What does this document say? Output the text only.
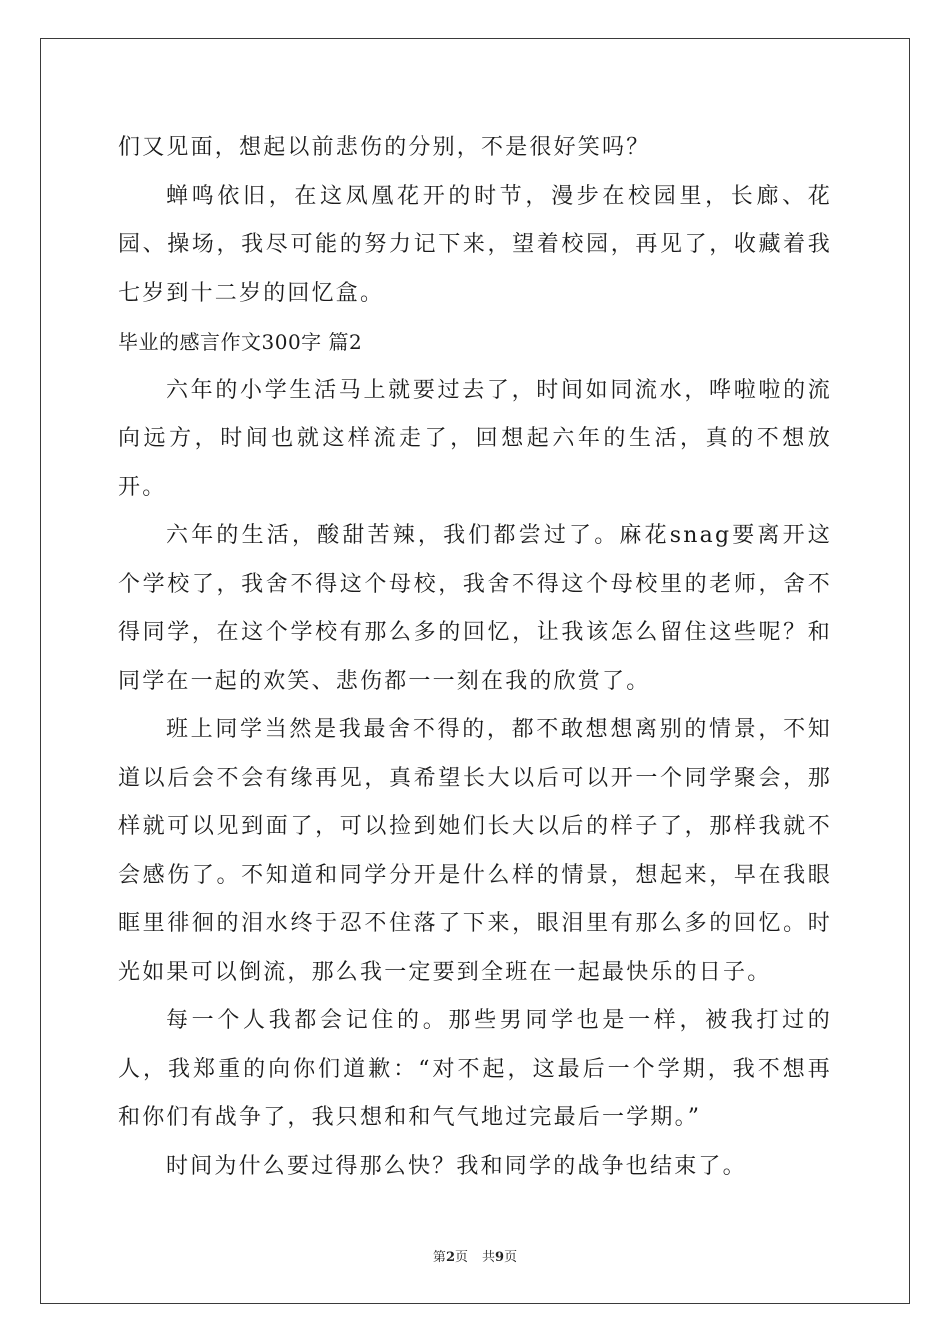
们又见面，想起以前悲伤的分别，不是很好笑吗？

蝉鸣依旧，在这凤凰花开的时节，漫步在校园里，长廊、花园、操场，我尽可能的努力记下来，望着校园，再见了，收藏着我七岁到十二岁的回忆盒。

毕业的感言作文300字 篇2

六年的小学生活马上就要过去了，时间如同流水，哗啦啦的流向远方，时间也就这样流走了，回想起六年的生活，真的不想放开。

六年的生活，酸甜苦辣，我们都尝过了。麻花snag要离开这个学校了，我舍不得这个母校，我舍不得这个母校里的老师，舍不得同学，在这个学校有那么多的回忆，让我该怎么留住这些呢？和同学在一起的欢笑、悲伤都一一刻在我的欣赏了。

班上同学当然是我最舍不得的，都不敢想想离别的情景，不知道以后会不会有缘再见，真希望长大以后可以开一个同学聚会，那样就可以见到面了，可以捡到她们长大以后的样子了，那样我就不会感伤了。不知道和同学分开是什么样的情景，想起来，早在我眼眶里徘徊的泪水终于忍不住落了下来，眼泪里有那么多的回忆。时光如果可以倒流，那么我一定要到全班在一起最快乐的日子。

每一个人我都会记住的。那些男同学也是一样，被我打过的人，我郑重的向你们道歉：“对不起，这最后一个学期，我不想再和你们有战争了，我只想和和气气地过完最后一学期。”

时间为什么要过得那么快？我和同学的战争也结束了。

第2页 共9页
